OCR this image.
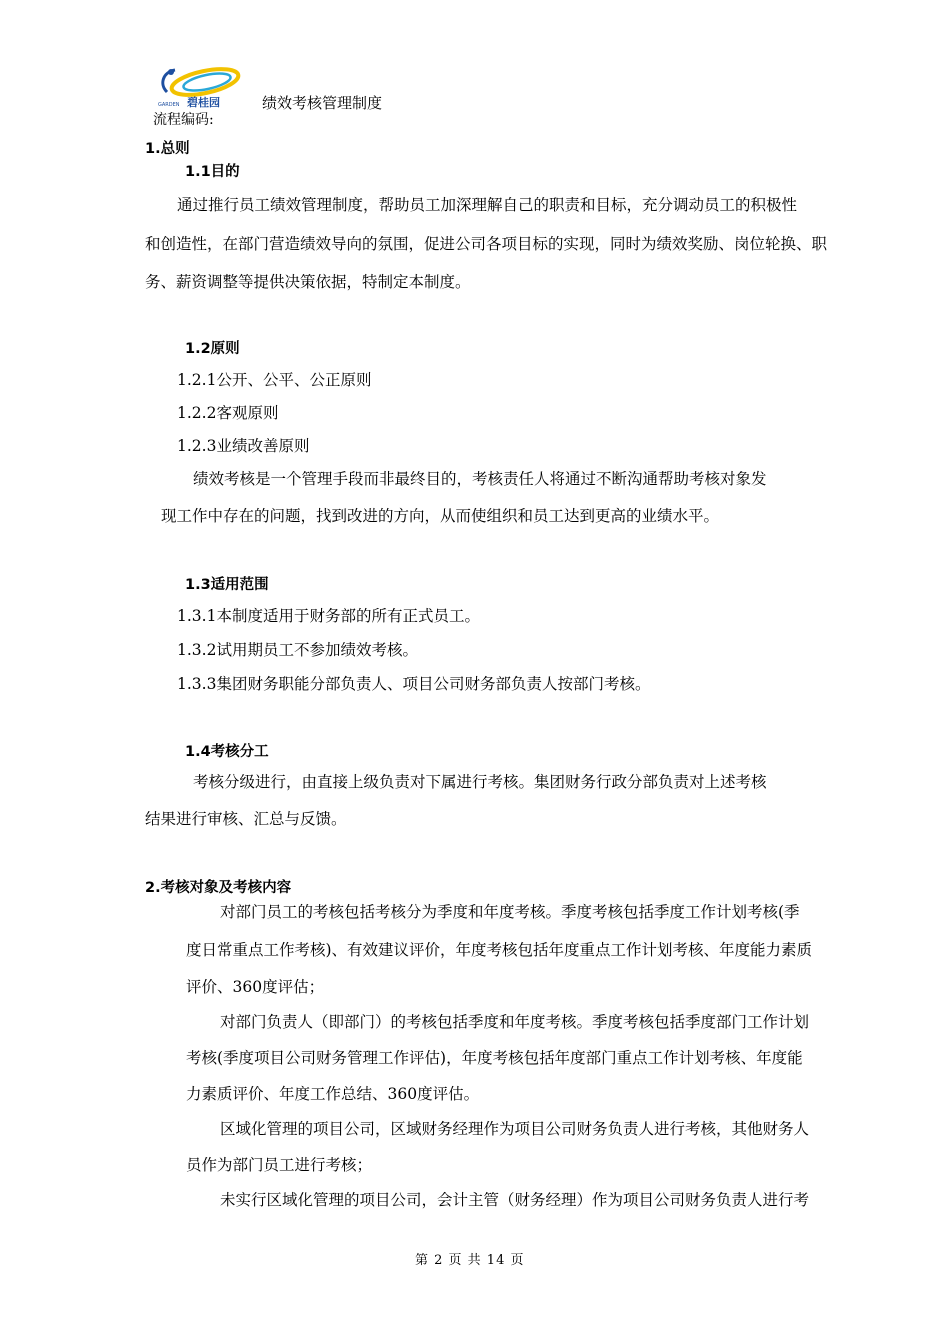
GARDEN 碧桂园	绩效考核管理制度
流程编码:
1.总则
1.1目的
通过推行员工绩效管理制度，帮助员工加深理解自己的职责和目标，充分调动员工的积极性
和创造性，在部门营造绩效导向的氛围，促进公司各项目标的实现，同时为绩效奖励、岗位轮换、职
务、薪资调整等提供决策依据，特制定本制度。
1.2原则
1.2.1公开、公平、公正原则
1.2.2客观原则
1.2.3业绩改善原则
绩效考核是一个管理手段而非最终目的，考核责任人将通过不断沟通帮助考核对象发
现工作中存在的问题，找到改进的方向，从而使组织和员工达到更高的业绩水平。
1.3适用范围
1.3.1本制度适用于财务部的所有正式员工。
1.3.2试用期员工不参加绩效考核。
1.3.3集团财务职能分部负责人、项目公司财务部负责人按部门考核。
1.4考核分工
考核分级进行，由直接上级负责对下属进行考核。集团财务行政分部负责对上述考核
结果进行审核、汇总与反馈。
2.考核对象及考核内容
对部门员工的考核包括考核分为季度和年度考核。季度考核包括季度工作计划考核(季
度日常重点工作考核)、有效建议评价，年度考核包括年度重点工作计划考核、年度能力素质
评价、360度评估；
对部门负责人（即部门）的考核包括季度和年度考核。季度考核包括季度部门工作计划
考核(季度项目公司财务管理工作评估)，年度考核包括年度部门重点工作计划考核、年度能
力素质评价、年度工作总结、360度评估。
区域化管理的项目公司，区域财务经理作为项目公司财务负责人进行考核，其他财务人
员作为部门员工进行考核；
未实行区域化管理的项目公司，会计主管（财务经理）作为项目公司财务负责人进行考
第 2 页 共 14 页
